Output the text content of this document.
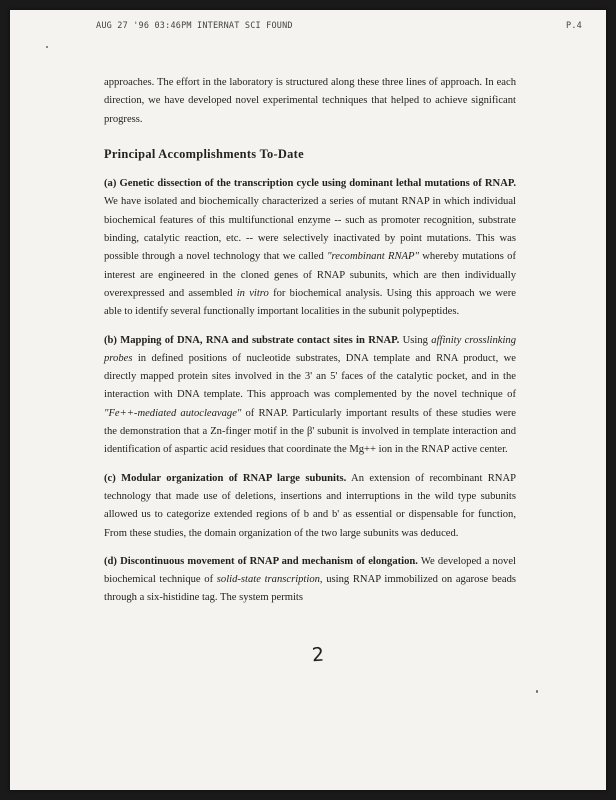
AUG 27 '96 03:46PM INTERNAT SCI FOUND	P.4

approaches. The effort in the laboratory is structured along these three lines of approach. In each direction, we have developed novel experimental techniques that helped to achieve significant progress.

Principal Accomplishments To-Date

(a) Genetic dissection of the transcription cycle using dominant lethal mutations of RNAP. We have isolated and biochemically characterized a series of mutant RNAP in which individual biochemical features of this multifunctional enzyme -- such as promoter recognition, substrate binding, catalytic reaction, etc. -- were selectively inactivated by point mutations. This was possible through a novel technology that we called "recombinant RNAP" whereby mutations of interest are engineered in the cloned genes of RNAP subunits, which are then individually overexpressed and assembled in vitro for biochemical analysis. Using this approach we were able to identify several functionally important localities in the subunit polypeptides.

(b) Mapping of DNA, RNA and substrate contact sites in RNAP. Using affinity crosslinking probes in defined positions of nucleotide substrates, DNA template and RNA product, we directly mapped protein sites involved in the 3' an 5' faces of the catalytic pocket, and in the interaction with DNA template. This approach was complemented by the novel technique of "Fe++-mediated autocleavage" of RNAP. Particularly important results of these studies were the demonstration that a Zn-finger motif in the β' subunit is involved in template interaction and identification of aspartic acid residues that coordinate the Mg++ ion in the RNAP active center.

(c) Modular organization of RNAP large subunits. An extension of recombinant RNAP technology that made use of deletions, insertions and interruptions in the wild type subunits allowed us to categorize extended regions of b and b' as essential or dispensable for function, From these studies, the domain organization of the two large subunits was deduced.

(d) Discontinuous movement of RNAP and mechanism of elongation. We developed a novel biochemical technique of solid-state transcription, using RNAP immobilized on agarose beads through a six-histidine tag. The system permits

2
